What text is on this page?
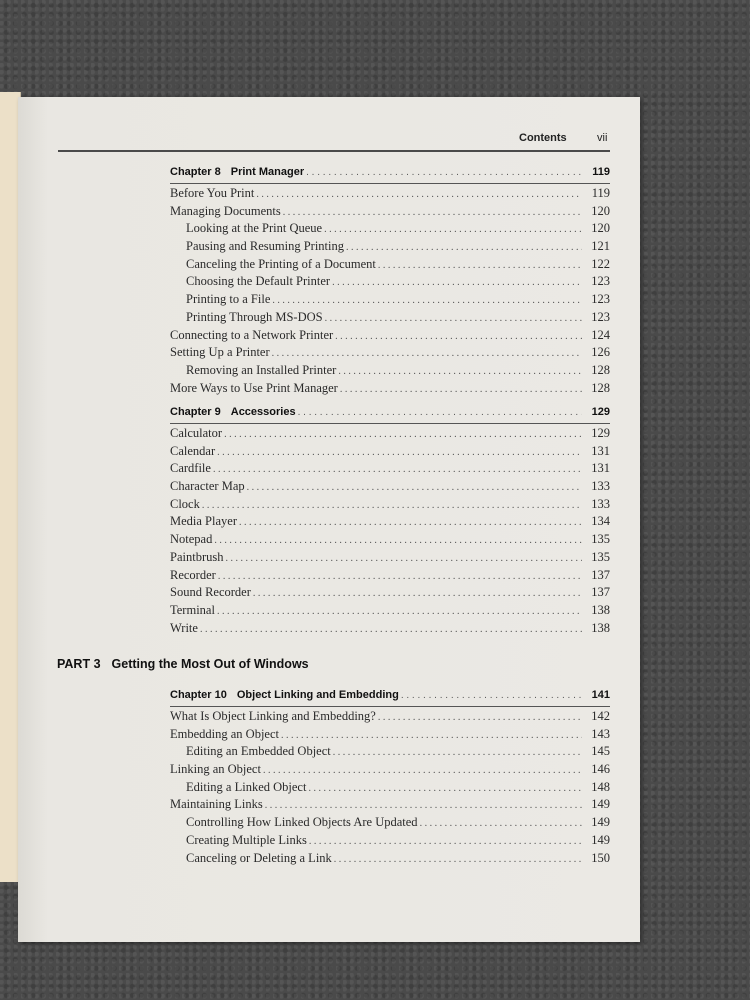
Contents	vii
Chapter 8 Print Manager . . .	119
Before You Print . . .	119
Managing Documents . . .	120
Looking at the Print Queue . . .	120
Pausing and Resuming Printing . . .	121
Canceling the Printing of a Document . . .	122
Choosing the Default Printer . . .	123
Printing to a File . . .	123
Printing Through MS-DOS . . .	123
Connecting to a Network Printer . . .	124
Setting Up a Printer . . .	126
Removing an Installed Printer . . .	128
More Ways to Use Print Manager . . .	128
Chapter 9 Accessories . . .	129
Calculator . . .	129
Calendar . . .	131
Cardfile . . .	131
Character Map . . .	133
Clock . . .	133
Media Player . . .	134
Notepad . . .	135
Paintbrush . . .	135
Recorder . . .	137
Sound Recorder . . .	137
Terminal . . .	138
Write . . .	138
PART 3 Getting the Most Out of Windows
Chapter 10 Object Linking and Embedding . . .	141
What Is Object Linking and Embedding? . . .	142
Embedding an Object . . .	143
Editing an Embedded Object . . .	145
Linking an Object . . .	146
Editing a Linked Object . . .	148
Maintaining Links . . .	149
Controlling How Linked Objects Are Updated . . .	149
Creating Multiple Links . . .	149
Canceling or Deleting a Link . . .	150
